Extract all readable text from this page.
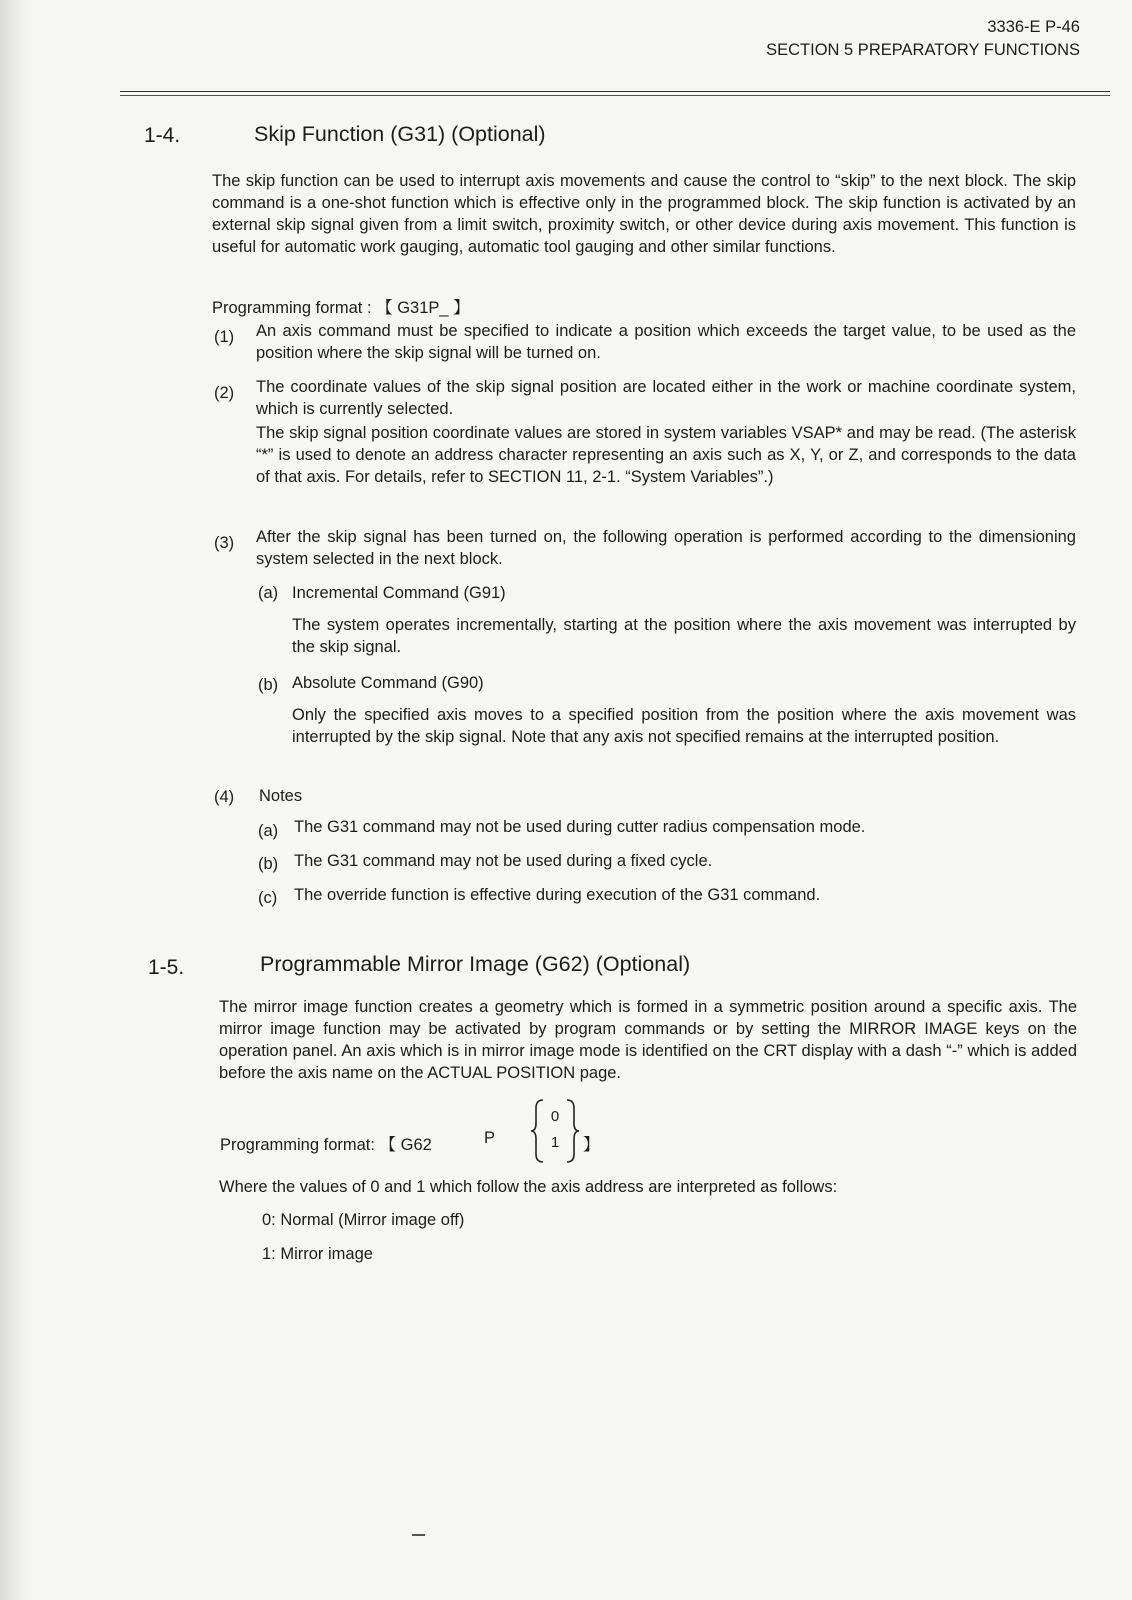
3336-E P-46
SECTION 5 PREPARATORY FUNCTIONS
1-4.	Skip Function (G31) (Optional)
The skip function can be used to interrupt axis movements and cause the control to “skip” to the next block. The skip command is a one-shot function which is effective only in the programmed block. The skip function is activated by an external skip signal given from a limit switch, proximity switch, or other device during axis movement. This function is useful for automatic work gauging, automatic tool gauging and other similar functions.
Programming format : 【 G31P_ 】
(1) An axis command must be specified to indicate a position which exceeds the target value, to be used as the position where the skip signal will be turned on.
(2) The coordinate values of the skip signal position are located either in the work or machine coordinate system, which is currently selected.
The skip signal position coordinate values are stored in system variables VSAP* and may be read. (The asterisk “*” is used to denote an address character representing an axis such as X, Y, or Z, and corresponds to the data of that axis. For details, refer to SECTION 11, 2-1. “System Variables”.)
(3) After the skip signal has been turned on, the following operation is performed according to the dimensioning system selected in the next block.
(a) Incremental Command (G91)
The system operates incrementally, starting at the position where the axis movement was interrupted by the skip signal.
(b) Absolute Command (G90)
Only the specified axis moves to a specified position from the position where the axis movement was interrupted by the skip signal. Note that any axis not specified remains at the interrupted position.
(4) Notes
(a) The G31 command may not be used during cutter radius compensation mode.
(b) The G31 command may not be used during a fixed cycle.
(c) The override function is effective during execution of the G31 command.
1-5.	Programmable Mirror Image (G62) (Optional)
The mirror image function creates a geometry which is formed in a symmetric position around a specific axis. The mirror image function may be activated by program commands or by setting the MIRROR IMAGE keys on the operation panel. An axis which is in mirror image mode is identified on the CRT display with a dash “-” which is added before the axis name on the ACTUAL POSITION page.
Programming format: 【 G62	P
0
1	】
Where the values of 0 and 1 which follow the axis address are interpreted as follows:
0: Normal (Mirror image off)
1: Mirror image
